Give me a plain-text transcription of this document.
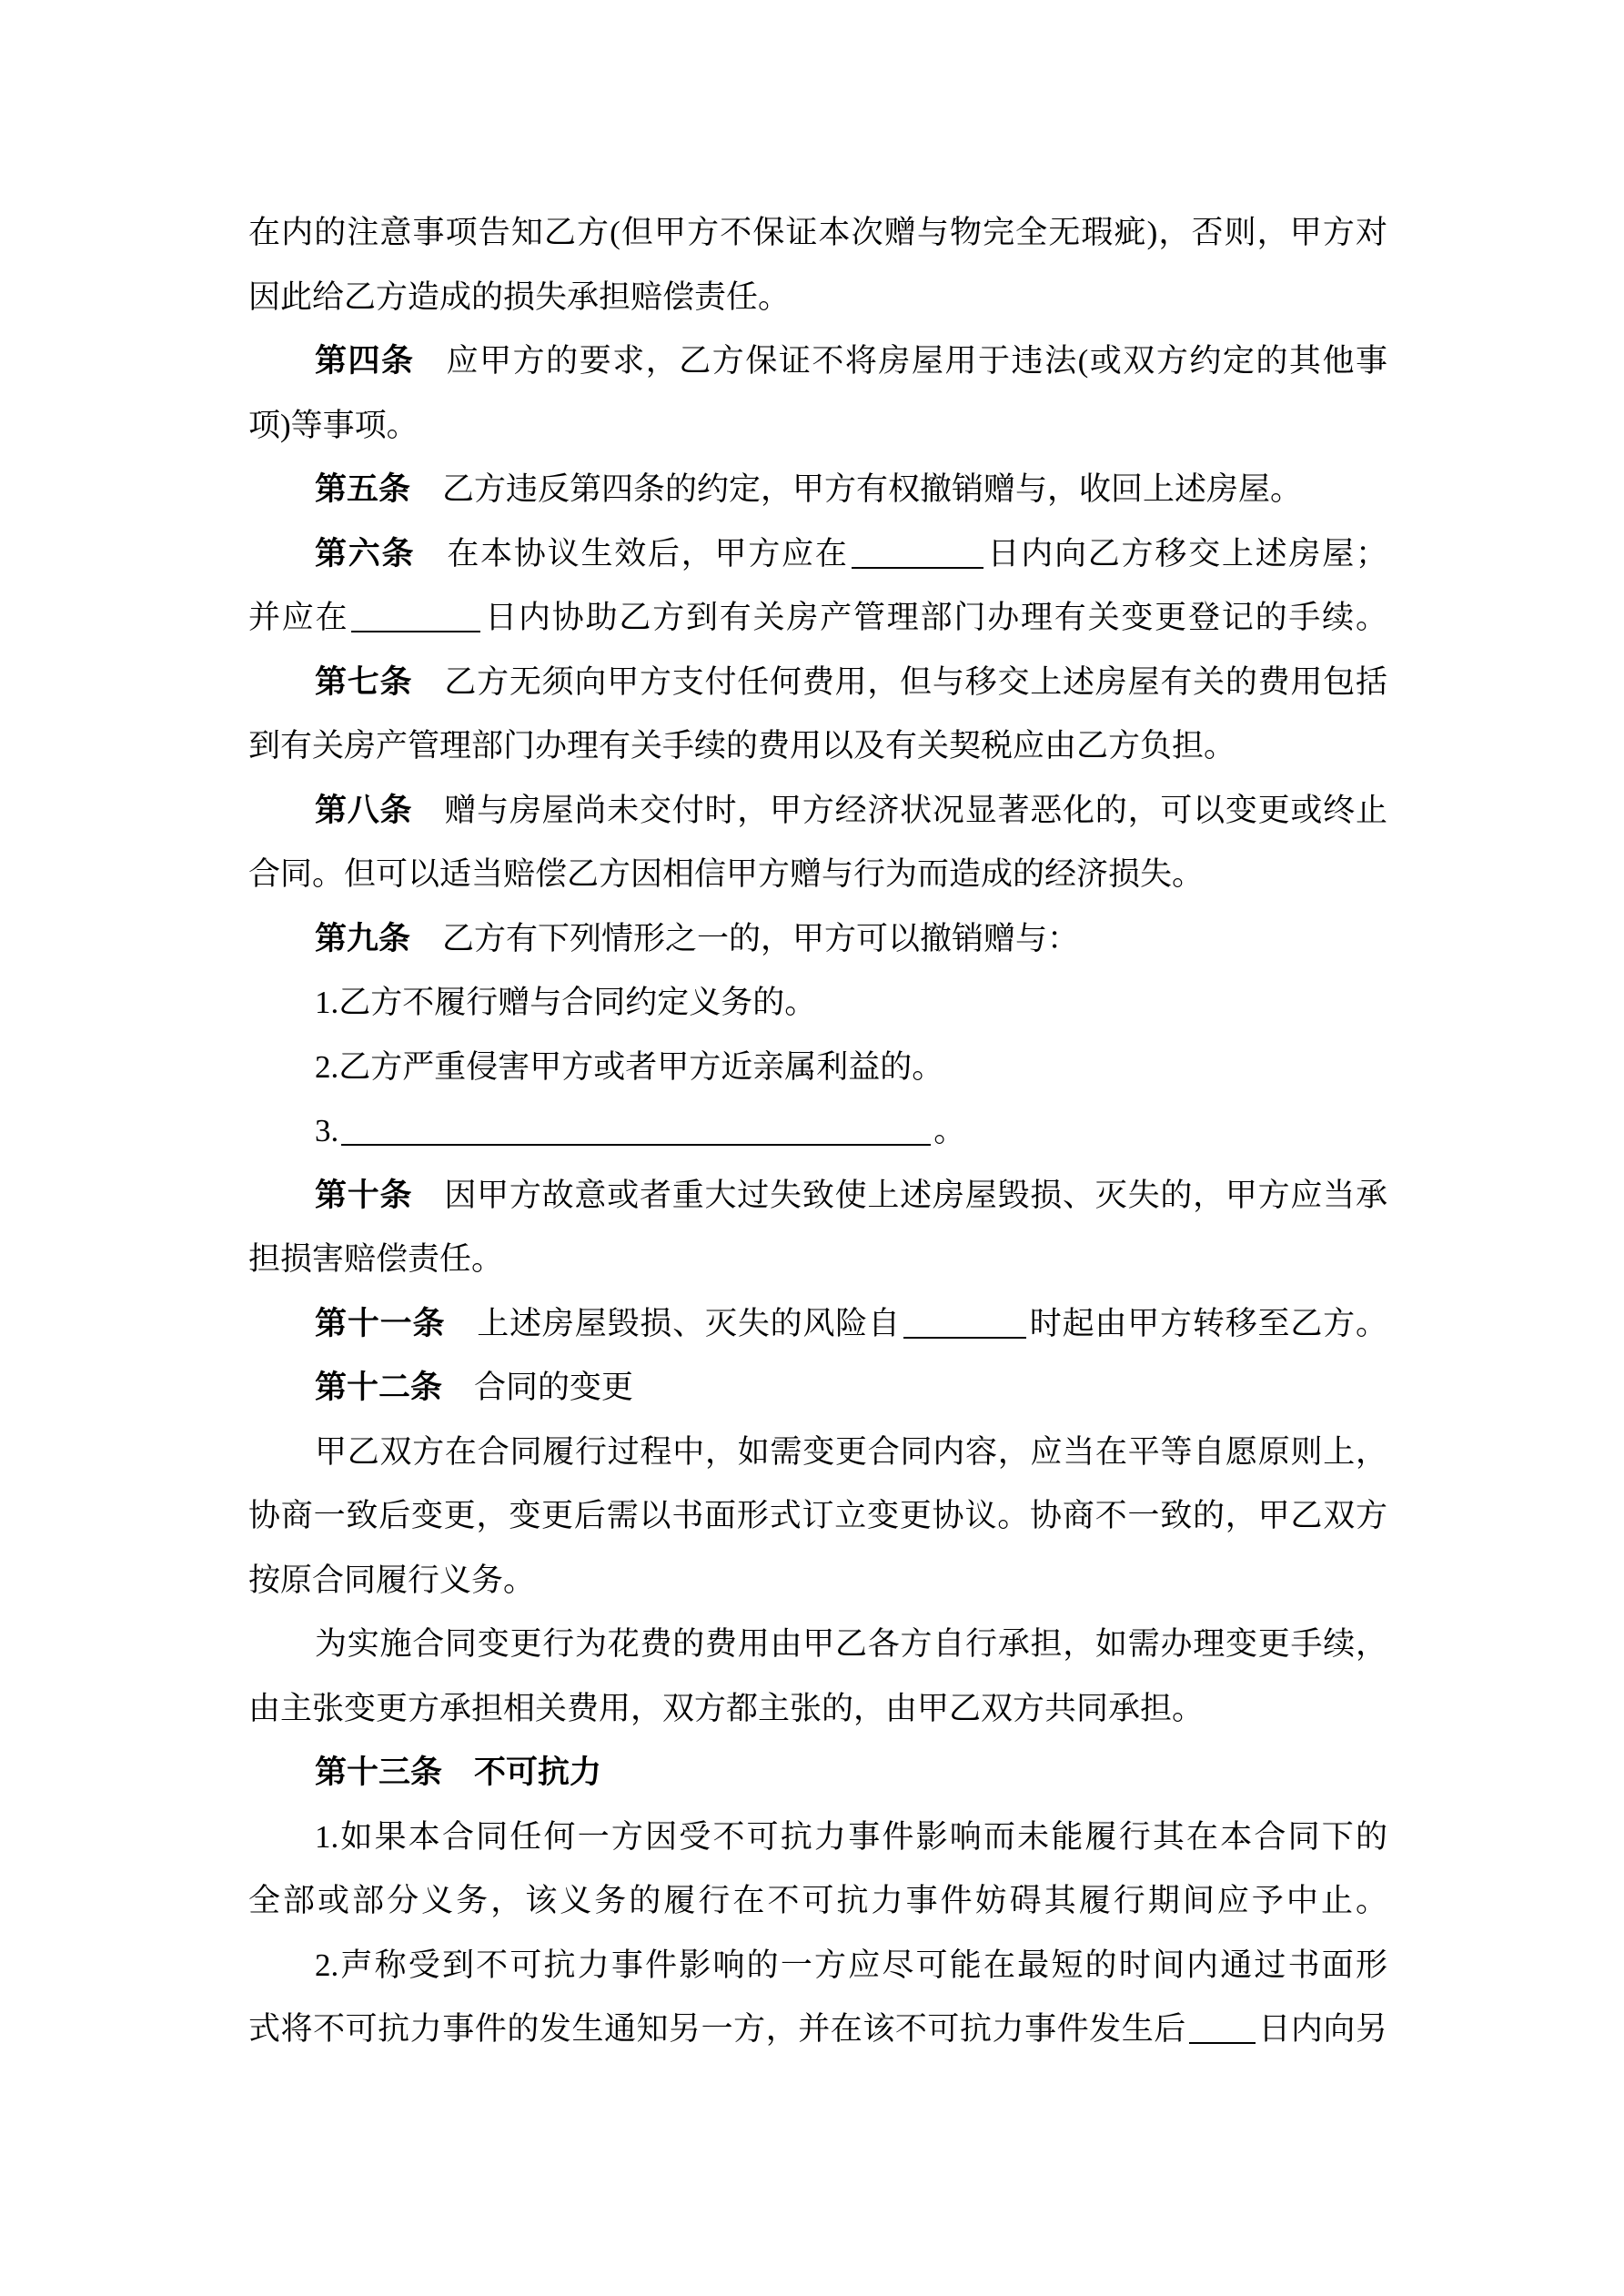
在内的注意事项告知乙方(但甲方不保证本次赠与物完全无瑕疵)，否则，甲方对
因此给乙方造成的损失承担赔偿责任。
第四条 应甲方的要求，乙方保证不将房屋用于违法(或双方约定的其他事
项)等事项。
第五条 乙方违反第四条的约定，甲方有权撤销赠与，收回上述房屋。
第六条 在本协议生效后，甲方应在	日内向乙方移交上述房屋；
并应在	日内协助乙方到有关房产管理部门办理有关变更登记的手续。
第七条 乙方无须向甲方支付任何费用，但与移交上述房屋有关的费用包括
到有关房产管理部门办理有关手续的费用以及有关契税应由乙方负担。
第八条 赠与房屋尚未交付时，甲方经济状况显著恶化的，可以变更或终止
合同。但可以适当赔偿乙方因相信甲方赠与行为而造成的经济损失。
第九条 乙方有下列情形之一的，甲方可以撤销赠与：
1.乙方不履行赠与合同约定义务的。
2.乙方严重侵害甲方或者甲方近亲属利益的。
3.	。
第十条 因甲方故意或者重大过失致使上述房屋毁损、灭失的，甲方应当承
担损害赔偿责任。
第十一条 上述房屋毁损、灭失的风险自	时起由甲方转移至乙方。
第十二条 合同的变更
甲乙双方在合同履行过程中，如需变更合同内容，应当在平等自愿原则上，
协商一致后变更，变更后需以书面形式订立变更协议。协商不一致的，甲乙双方
按原合同履行义务。
为实施合同变更行为花费的费用由甲乙各方自行承担，如需办理变更手续，
由主张变更方承担相关费用，双方都主张的，由甲乙双方共同承担。
第十三条 不可抗力
1.如果本合同任何一方因受不可抗力事件影响而未能履行其在本合同下的
全部或部分义务，该义务的履行在不可抗力事件妨碍其履行期间应予中止。
2.声称受到不可抗力事件影响的一方应尽可能在最短的时间内通过书面形
式将不可抗力事件的发生通知另一方，并在该不可抗力事件发生后 日内向另
